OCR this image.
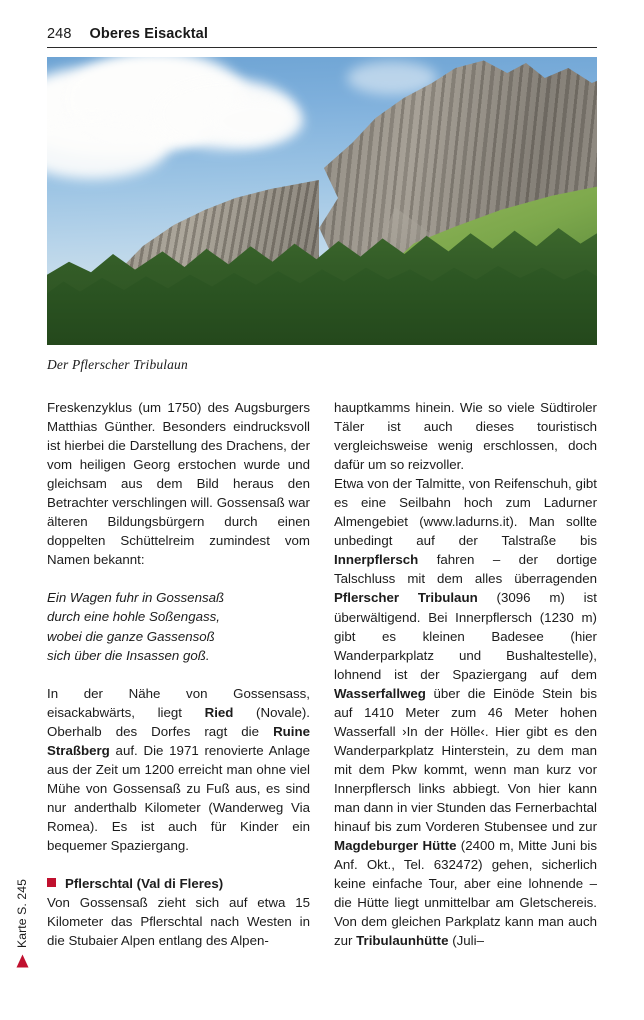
248 Oberes Eisacktal
Der Pflerscher Tribulaun

Freskenzyklus (um 1750) des Augsburgers Matthias Günther. Besonders eindrucksvoll ist hierbei die Darstellung des Drachens, der vom heiligen Georg erstochen wurde und gleichsam aus dem Bild heraus den Betrachter verschlingen will. Gossensaß war älteren Bildungsbürgern durch einen doppelten Schüttelreim zumindest vom Namen bekannt:

Ein Wagen fuhr in Gossensaß
durch eine hohle Soßengass,
wobei die ganze Gassensoß
sich über die Insassen goß.

In der Nähe von Gossensass, eisackabwärts, liegt Ried (Novale). Oberhalb des Dorfes ragt die Ruine Straßberg auf. Die 1971 renovierte Anlage aus der Zeit um 1200 erreicht man ohne viel Mühe von Gossensaß zu Fuß aus, es sind nur anderthalb Kilometer (Wanderweg Via Romea). Es ist auch für Kinder ein bequemer Spaziergang.

Pflerschtal (Val di Fleres)

Von Gossensaß zieht sich auf etwa 15 Kilometer das Pflerschtal nach Westen in die Stubaier Alpen entlang des Alpen-

hauptkamms hinein. Wie so viele Südtiroler Täler ist auch dieses touristisch vergleichsweise wenig erschlossen, doch dafür um so reizvoller.

Etwa von der Talmitte, von Reifenschuh, gibt es eine Seilbahn hoch zum Ladurner Almengebiet (www.ladurns.it). Man sollte unbedingt auf der Talstraße bis Innerpflersch fahren – der dortige Talschluss mit dem alles überragenden Pflerscher Tribulaun (3096 m) ist überwältigend. Bei Innerpflersch (1230 m) gibt es kleinen Badesee (hier Wanderparkplatz und Bushaltestelle), lohnend ist der Spaziergang auf dem Wasserfallweg über die Einöde Stein bis auf 1410 Meter zum 46 Meter hohen Wasserfall ›In der Hölle‹. Hier gibt es den Wanderparkplatz Hinterstein, zu dem man mit dem Pkw kommt, wenn man kurz vor Innerpflersch links abbiegt. Von hier kann man dann in vier Stunden das Fernerbachtal hinauf bis zum Vorderen Stubensee und zur Magdeburger Hütte (2400 m, Mitte Juni bis Anf. Okt., Tel. 632472) gehen, sicherlich keine einfache Tour, aber eine lohnende – die Hütte liegt unmittelbar am Gletschereis. Von dem gleichen Parkplatz kann man auch zur Tribulaunhütte (Juli–

Karte S. 245
